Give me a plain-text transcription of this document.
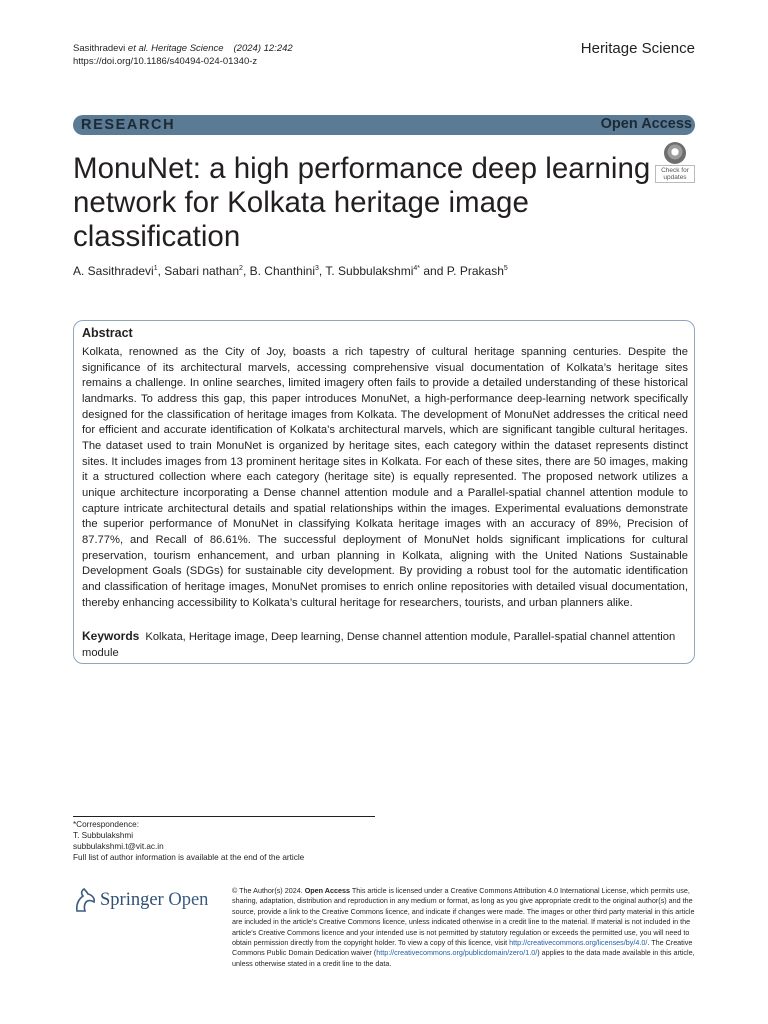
Sasithradevi et al. Heritage Science (2024) 12:242
https://doi.org/10.1186/s40494-024-01340-z
Heritage Science
RESEARCH	Open Access
MonuNet: a high performance deep learning network for Kolkata heritage image classification
Check for
updates
A. Sasithradevi$^1$, Sabari nathan$^2$, B. Chanthini$^3$, T. Subbulakshmi$^{4*}$ and P. Prakash$^5$
Abstract

Kolkata, renowned as the City of Joy, boasts a rich tapestry of cultural heritage spanning centuries. Despite the significance of its architectural marvels, accessing comprehensive visual documentation of Kolkata’s heritage sites remains a challenge. In online searches, limited imagery often fails to provide a detailed understanding of these historical landmarks. To address this gap, this paper introduces MonuNet, a high-performance deep-learning network specifically designed for the classification of heritage images from Kolkata. The development of MonuNet addresses the critical need for efficient and accurate identification of Kolkata’s architectural marvels, which are significant tangible cultural heritages. The dataset used to train MonuNet is organized by heritage sites, each category within the dataset represents distinct sites. It includes images from 13 prominent heritage sites in Kolkata. For each of these sites, there are 50 images, making it a structured collection where each category (heritage site) is equally represented. The proposed network utilizes a unique architecture incorporating a Dense channel attention module and a Parallel-spatial channel attention module to capture intricate architectural details and spatial relationships within the images. Experimental evaluations demonstrate the superior performance of MonuNet in classifying Kolkata heritage images with an accuracy of 89%, Precision of 87.77%, and Recall of 86.61%. The successful deployment of MonuNet holds significant implications for cultural preservation, tourism enhancement, and urban planning in Kolkata, aligning with the United Nations Sustainable Development Goals (SDGs) for sustainable city development. By providing a robust tool for the automatic identification and classification of heritage images, MonuNet promises to enrich online repositories with detailed visual documentation, thereby enhancing accessibility to Kolkata’s cultural heritage for researchers, tourists, and urban planners alike.

Keywords Kolkata, Heritage image, Deep learning, Dense channel attention module, Parallel-spatial channel attention module

*Correspondence:
T. Subbulakshmi
subbulakshmi.t@vit.ac.in
Full list of author information is available at the end of the article
Springer Open	© The Author(s) 2024. Open Access This article is licensed under a Creative Commons Attribution 4.0 International License, which permits use, sharing, adaptation, distribution and reproduction in any medium or format, as long as you give appropriate credit to the original author(s) and the source, provide a link to the Creative Commons licence, and indicate if changes were made. The images or other third party material in this article are included in the article’s Creative Commons licence, unless indicated otherwise in a credit line to the material. If material is not included in the article’s Creative Commons licence and your intended use is not permitted by statutory regulation or exceeds the permitted use, you will need to obtain permission directly from the copyright holder. To view a copy of this licence, visit http://creativecommons.org/licenses/by/4.0/. The Creative Commons Public Domain Dedication waiver (http://creativecommons.org/publicdomain/zero/1.0/) applies to the data made available in this article, unless otherwise stated in a credit line to the data.
